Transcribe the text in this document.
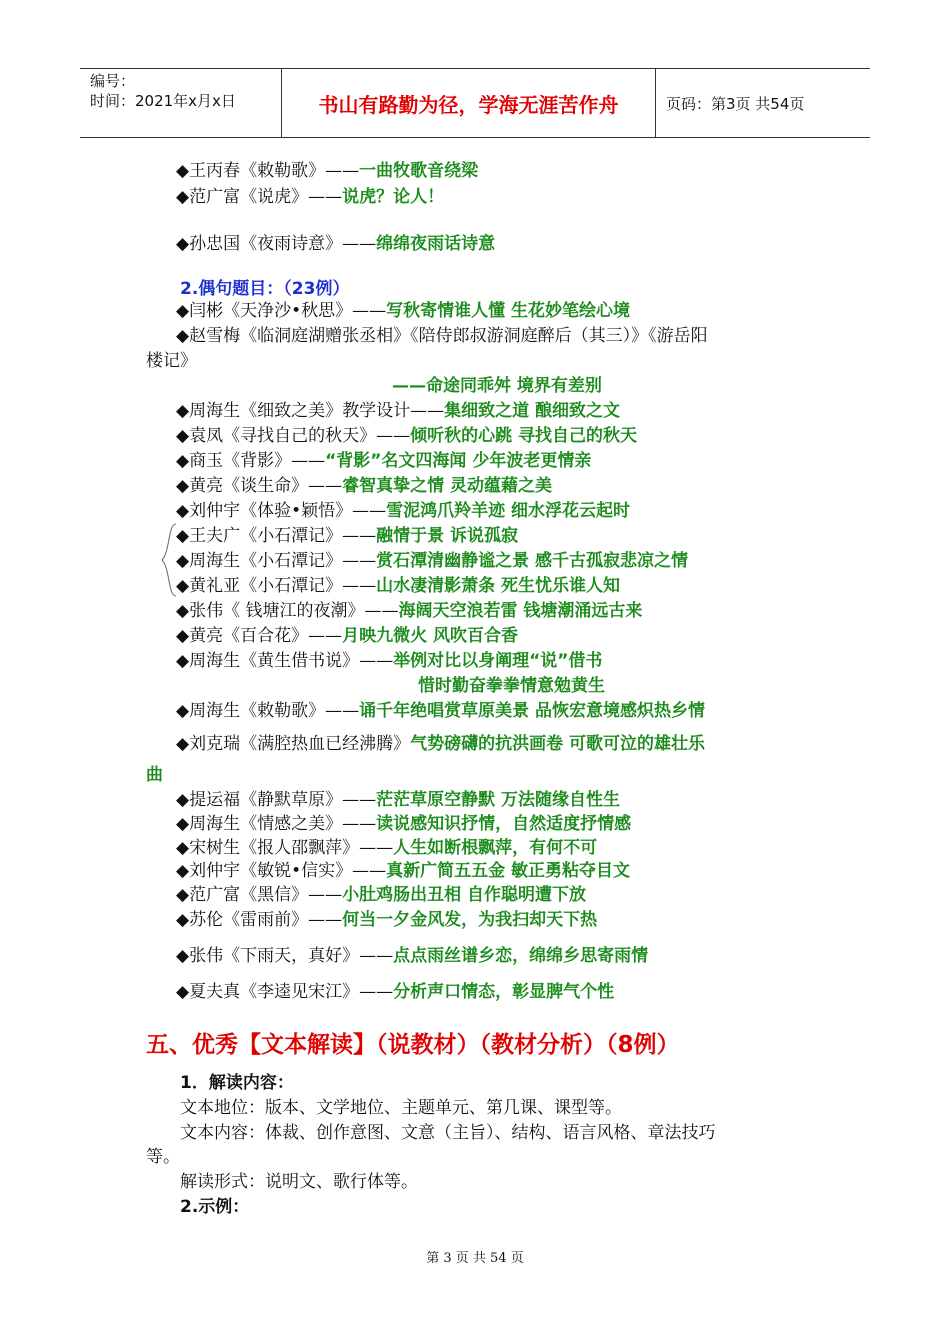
编号：
时间：2021年x月x日	书山有路勤为径，学海无涯苦作舟	页码：第3页 共54页
◆王丙春《敕勒歌》——一曲牧歌音绕梁
◆范广富《说虎》——说虎？论人！
◆孙忠国《夜雨诗意》——绵绵夜雨话诗意
2.偶句题目：（23例）
◆闫彬《天净沙•秋思》——写秋寄情谁人懂 生花妙笔绘心境
◆赵雪梅《临洞庭湖赠张丞相》《陪侍郎叔游洞庭醉后（其三）》《游岳阳
楼记》
——命途同乖舛 境界有差别
◆周海生《细致之美》教学设计——集细致之道 酿细致之文
◆袁凤《寻找自己的秋天》——倾听秋的心跳 寻找自己的秋天
◆商玉《背影》——“背影”名文四海闻 少年波老更情亲
◆黄亮《谈生命》——睿智真挚之情 灵动蕴藉之美
◆刘仲宇《体验•颖悟》——雪泥鸿爪羚羊迹 细水浮花云起时
◆王夫广《小石潭记》——融情于景 诉说孤寂
◆周海生《小石潭记》——赏石潭清幽静谧之景 感千古孤寂悲凉之情
◆黄礼亚《小石潭记》——山水凄清影萧条 死生忧乐谁人知
◆张伟《 钱塘江的夜潮》——海阔天空浪若雷 钱塘潮涌远古来
◆黄亮《百合花》——月映九微火 风吹百合香
◆周海生《黄生借书说》——举例对比以身阐理“说”借书
惜时勤奋拳拳情意勉黄生
◆周海生《敕勒歌》——诵千年绝唱赏草原美景 品恢宏意境感炽热乡情
◆刘克瑞《满腔热血已经沸腾》气势磅礴的抗洪画卷 可歌可泣的雄壮乐
曲
◆提运福《静默草原》——茫茫草原空静默 万法随缘自性生
◆周海生《情感之美》——读说感知识抒情，自然适度抒情感
◆宋树生《报人邵飘萍》——人生如断根飘萍，有何不可
◆刘仲宇《敏锐•信实》——真新广简五五金 敏正勇粘夺目文
◆范广富《黑信》——小肚鸡肠出丑相 自作聪明遭下放
◆苏伦《雷雨前》——何当一夕金风发，为我扫却天下热
◆张伟《下雨天，真好》——点点雨丝谱乡恋，绵绵乡思寄雨情
◆夏夫真《李逵见宋江》——分析声口情态，彰显脾气个性
五、优秀【文本解读】（说教材）（教材分析）（8例）
1．解读内容：
文本地位：版本、文学地位、主题单元、第几课、课型等。
文本内容：体裁、创作意图、文意（主旨）、结构、语言风格、章法技巧
等。
解读形式：说明文、歌行体等。
2.示例：
第 3 页 共 54 页
